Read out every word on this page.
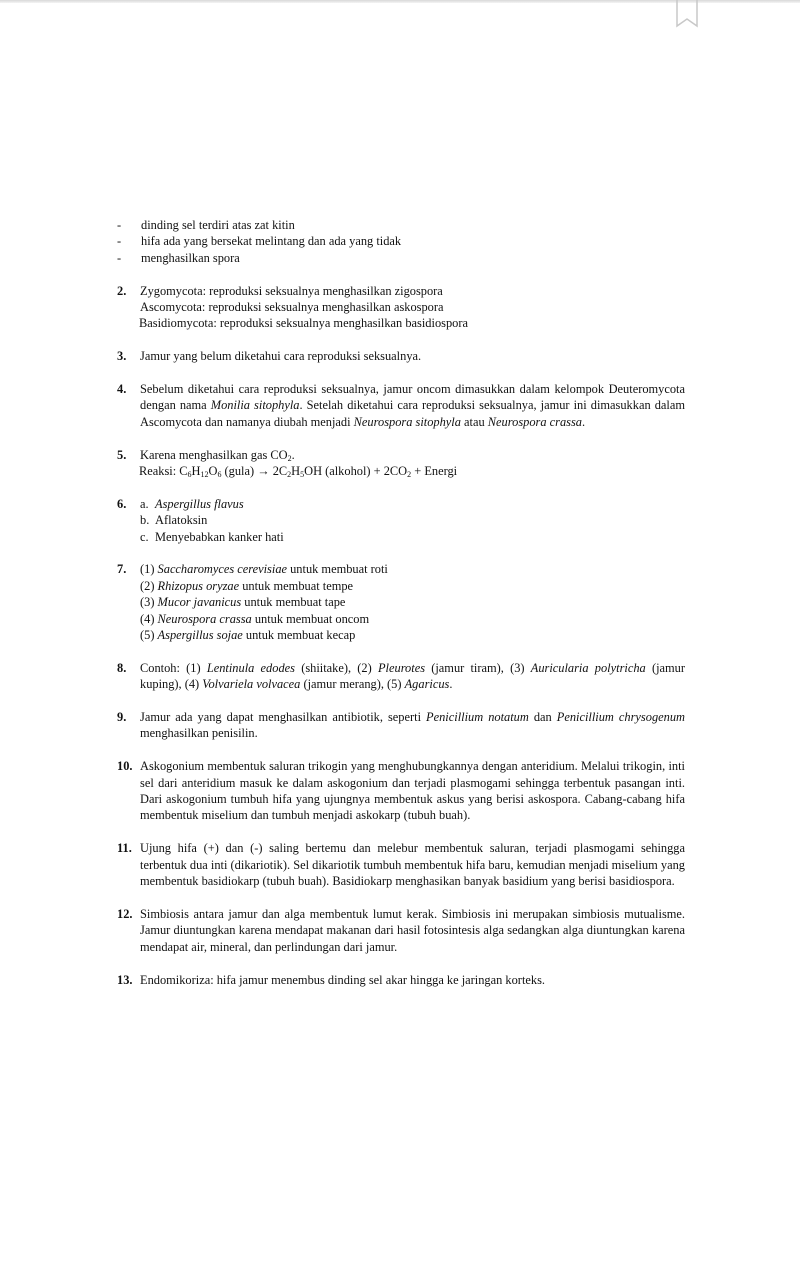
- dinding sel terdiri atas zat kitin
- hifa ada yang bersekat melintang dan ada yang tidak
- menghasilkan spora
2. Zygomycota: reproduksi seksualnya menghasilkan zigospora
Ascomycota: reproduksi seksualnya menghasilkan askospora
Basidiomycota: reproduksi seksualnya menghasilkan basidiospora
3. Jamur yang belum diketahui cara reproduksi seksualnya.
4. Sebelum diketahui cara reproduksi seksualnya, jamur oncom dimasukkan dalam kelompok Deuteromycota dengan nama Monilia sitophyla. Setelah diketahui cara reproduksi seksualnya, jamur ini dimasukkan dalam Ascomycota dan namanya diubah menjadi Neurospora sitophyla atau Neurospora crassa.
5. Karena menghasilkan gas $CO_2$.
Reaksi: $C_6H_{12}O_6$ (gula) → $2C_2H_5OH$ (alkohol) + $2CO_2$ + Energi
6. a. Aspergillus flavus
b. Aflatoksin
c. Menyebabkan kanker hati
7. (1) Saccharomyces cerevisiae untuk membuat roti
(2) Rhizopus oryzae untuk membuat tempe
(3) Mucor javanicus untuk membuat tape
(4) Neurospora crassa untuk membuat oncom
(5) Aspergillus sojae untuk membuat kecap
8. Contoh: (1) Lentinula edodes (shiitake), (2) Pleurotes (jamur tiram), (3) Auricularia polytricha (jamur kuping), (4) Volvariela volvacea (jamur merang), (5) Agaricus.
9. Jamur ada yang dapat menghasilkan antibiotik, seperti Penicillium notatum dan Penicillium chrysogenum menghasilkan penisilin.
10. Askogonium membentuk saluran trikogin yang menghubungkannya dengan anteridium. Melalui trikogin, inti sel dari anteridium masuk ke dalam askogonium dan terjadi plasmogami sehingga terbentuk pasangan inti. Dari askogonium tumbuh hifa yang ujungnya membentuk askus yang berisi askospora. Cabang-cabang hifa membentuk miselium dan tumbuh menjadi askokarp (tubuh buah).
11. Ujung hifa (+) dan (-) saling bertemu dan melebur membentuk saluran, terjadi plasmogami sehingga terbentuk dua inti (dikariotik). Sel dikariotik tumbuh membentuk hifa baru, kemudian menjadi miselium yang membentuk basidiokarp (tubuh buah). Basidiokarp menghasikan banyak basidium yang berisi basidiospora.
12. Simbiosis antara jamur dan alga membentuk lumut kerak. Simbiosis ini merupakan simbiosis mutualisme. Jamur diuntungkan karena mendapat makanan dari hasil fotosintesis alga sedangkan alga diuntungkan karena mendapat air, mineral, dan perlindungan dari jamur.
13. Endomikoriza: hifa jamur menembus dinding sel akar hingga ke jaringan korteks.
